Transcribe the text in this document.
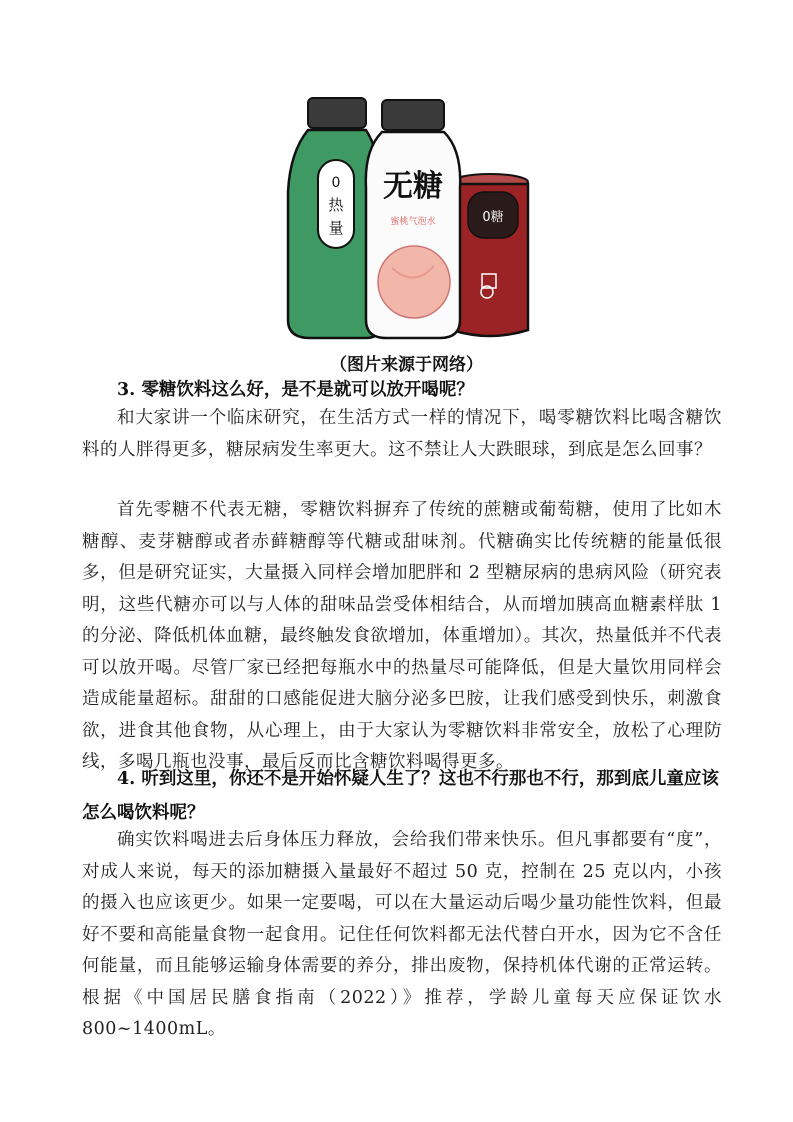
0
热
量
0糖
无糖
蜜桃气泡水
（图片来源于网络）
3. 零糖饮料这么好，是不是就可以放开喝呢？
和大家讲一个临床研究，在生活方式一样的情况下，喝零糖饮料比喝含糖饮料的人胖得更多，糖尿病发生率更大。这不禁让人大跌眼球，到底是怎么回事？
首先零糖不代表无糖，零糖饮料摒弃了传统的蔗糖或葡萄糖，使用了比如木糖醇、麦芽糖醇或者赤藓糖醇等代糖或甜味剂。代糖确实比传统糖的能量低很多，但是研究证实，大量摄入同样会增加肥胖和 2 型糖尿病的患病风险（研究表明，这些代糖亦可以与人体的甜味品尝受体相结合，从而增加胰高血糖素样肽 1 的分泌、降低机体血糖，最终触发食欲增加，体重增加）。其次，热量低并不代表可以放开喝。尽管厂家已经把每瓶水中的热量尽可能降低，但是大量饮用同样会造成能量超标。甜甜的口感能促进大脑分泌多巴胺，让我们感受到快乐，刺激食欲，进食其他食物，从心理上，由于大家认为零糖饮料非常安全，放松了心理防线，多喝几瓶也没事，最后反而比含糖饮料喝得更多。
4. 听到这里，你还不是开始怀疑人生了？这也不行那也不行，那到底儿童应该怎么喝饮料呢？
确实饮料喝进去后身体压力释放，会给我们带来快乐。但凡事都要有“度”，对成人来说，每天的添加糖摄入量最好不超过 50 克，控制在 25 克以内，小孩的摄入也应该更少。如果一定要喝，可以在大量运动后喝少量功能性饮料，但最好不要和高能量食物一起食用。记住任何饮料都无法代替白开水，因为它不含任何能量，而且能够运输身体需要的养分，排出废物，保持机体代谢的正常运转。根据《中国居民膳食指南（2022）》推荐，学龄儿童每天应保证饮水 800~1400mL。
